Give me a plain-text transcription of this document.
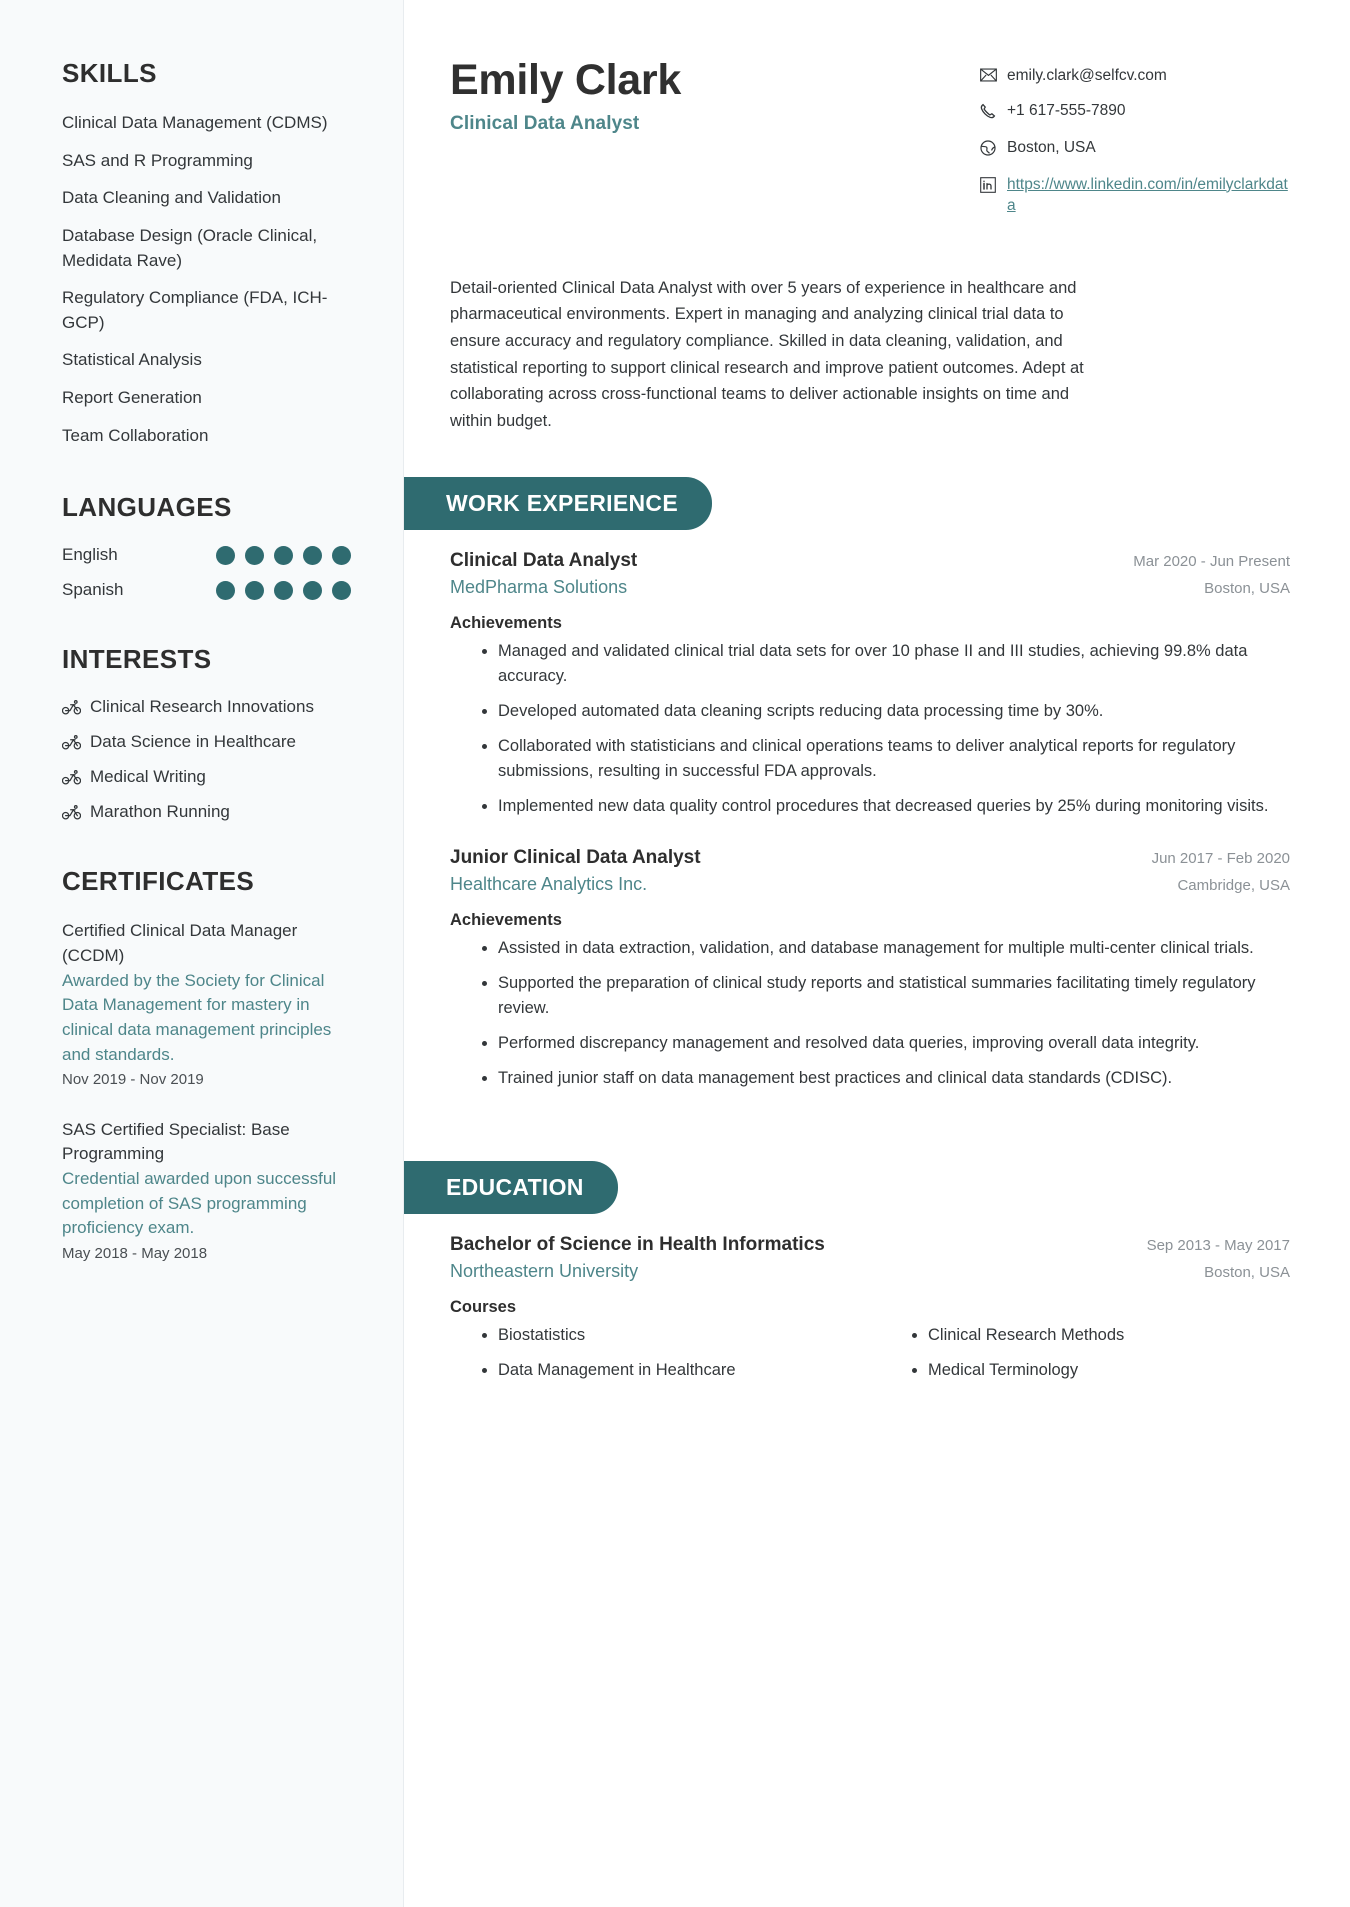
SKILLS
Clinical Data Management (CDMS)
SAS and R Programming
Data Cleaning and Validation
Database Design (Oracle Clinical, Medidata Rave)
Regulatory Compliance (FDA, ICH-GCP)
Statistical Analysis
Report Generation
Team Collaboration
LANGUAGES
English
Spanish
INTERESTS
Clinical Research Innovations
Data Science in Healthcare
Medical Writing
Marathon Running
CERTIFICATES
Certified Clinical Data Manager (CCDM)
Awarded by the Society for Clinical Data Management for mastery in clinical data management principles and standards.
Nov 2019 - Nov 2019
SAS Certified Specialist: Base Programming
Credential awarded upon successful completion of SAS programming proficiency exam.
May 2018 - May 2018
Emily Clark
Clinical Data Analyst
emily.clark@selfcv.com
+1 617-555-7890
Boston, USA
https://www.linkedin.com/in/emilyclarkdata

Detail-oriented Clinical Data Analyst with over 5 years of experience in healthcare and pharmaceutical environments. Expert in managing and analyzing clinical trial data to ensure accuracy and regulatory compliance. Skilled in data cleaning, validation, and statistical reporting to support clinical research and improve patient outcomes. Adept at collaborating across cross-functional teams to deliver actionable insights on time and within budget.

WORK EXPERIENCE
Clinical Data Analyst	Mar 2020 - Jun Present
MedPharma Solutions	Boston, USA
Achievements
Managed and validated clinical trial data sets for over 10 phase II and III studies, achieving 99.8% data accuracy.
Developed automated data cleaning scripts reducing data processing time by 30%.
Collaborated with statisticians and clinical operations teams to deliver analytical reports for regulatory submissions, resulting in successful FDA approvals.
Implemented new data quality control procedures that decreased queries by 25% during monitoring visits.
Junior Clinical Data Analyst	Jun 2017 - Feb 2020
Healthcare Analytics Inc.	Cambridge, USA
Achievements
Assisted in data extraction, validation, and database management for multiple multi-center clinical trials.
Supported the preparation of clinical study reports and statistical summaries facilitating timely regulatory review.
Performed discrepancy management and resolved data queries, improving overall data integrity.
Trained junior staff on data management best practices and clinical data standards (CDISC).
EDUCATION
Bachelor of Science in Health Informatics	Sep 2013 - May 2017
Northeastern University	Boston, USA
Courses
Biostatistics	Clinical Research Methods
Data Management in Healthcare	Medical Terminology
